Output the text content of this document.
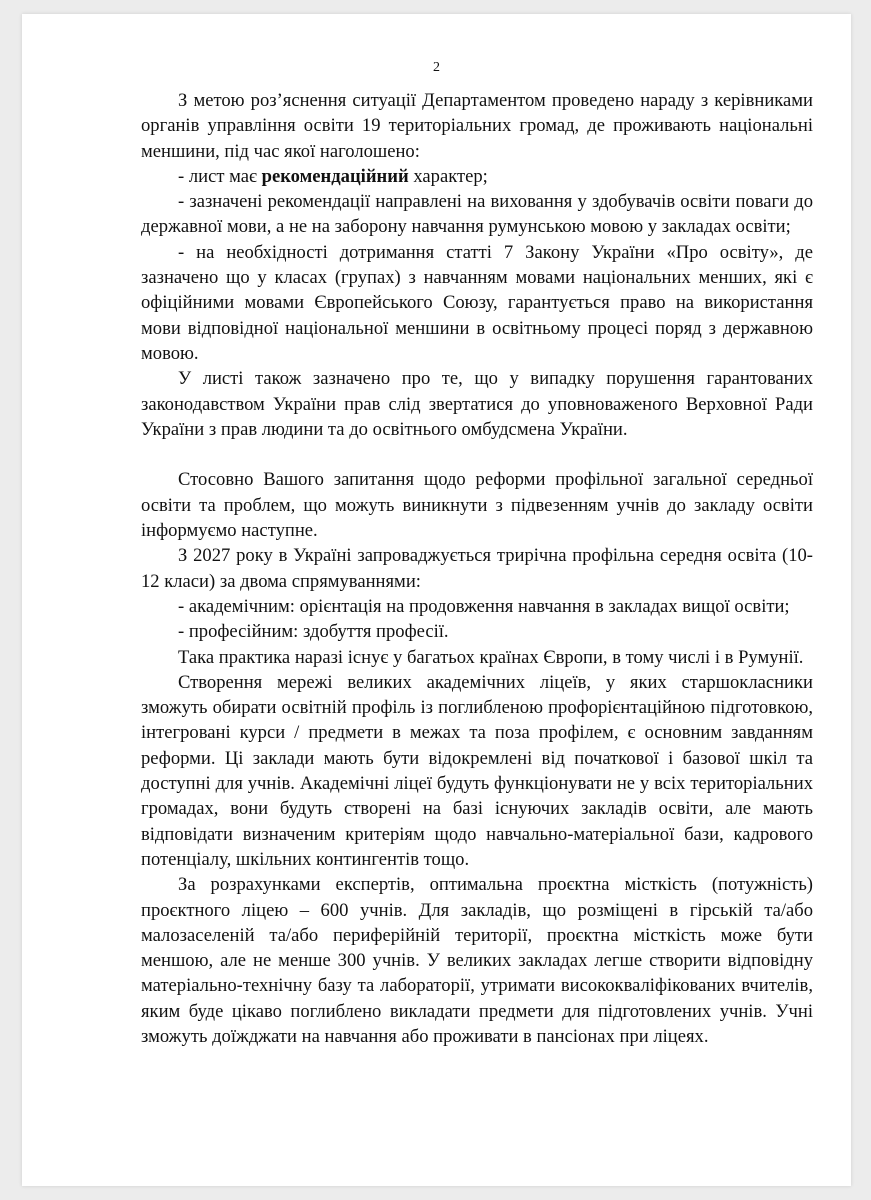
2

З метою роз’яснення ситуації Департаментом проведено нараду з керівниками органів управління освіти 19 територіальних громад, де проживають національні меншини, під час якої наголошено:

- лист має рекомендаційний характер;

- зазначені рекомендації направлені на виховання у здобувачів освіти поваги до державної мови, а не на заборону навчання румунською мовою у закладах освіти;

- на необхідності дотримання статті 7 Закону України «Про освіту», де зазначено що у класах (групах) з навчанням мовами національних менших, які є офіційними мовами Європейського Союзу, гарантується право на використання мови відповідної національної меншини в освітньому процесі поряд з державною мовою.

У листі також зазначено про те, що у випадку порушення гарантованих законодавством України прав слід звертатися до уповноваженого Верховної Ради України з прав людини та до освітнього омбудсмена України.

Стосовно Вашого запитання щодо реформи профільної загальної середньої освіти та проблем, що можуть виникнути з підвезенням учнів до закладу освіти інформуємо наступне.

З 2027 року в Україні запроваджується трирічна профільна середня освіта (10-12 класи) за двома спрямуваннями:

- академічним: орієнтація на продовження навчання в закладах вищої освіти;

- професійним: здобуття професії.

Така практика наразі існує у багатьох країнах Європи, в тому числі і в Румунії.

Створення мережі великих академічних ліцеїв, у яких старшокласники зможуть обирати освітній профіль із поглибленою профорієнтаційною підготовкою, інтегровані курси / предмети в межах та поза профілем, є основним завданням реформи. Ці заклади мають бути відокремлені від початкової і базової шкіл та доступні для учнів. Академічні ліцеї будуть функціонувати не у всіх територіальних громадах, вони будуть створені на базі існуючих закладів освіти, але мають відповідати визначеним критеріям щодо навчально-матеріальної бази, кадрового потенціалу, шкільних контингентів тощо.

За розрахунками експертів, оптимальна проєктна місткість (потужність) проєктного ліцею – 600 учнів. Для закладів, що розміщені в гірській та/або малозаселеній та/або периферійній території, проєктна місткість може бути меншою, але не менше 300 учнів. У великих закладах легше створити відповідну матеріально-технічну базу та лабораторії, утримати висококваліфікованих вчителів, яким буде цікаво поглиблено викладати предмети для підготовлених учнів. Учні зможуть доїжджати на навчання або проживати в пансіонах при ліцеях.
